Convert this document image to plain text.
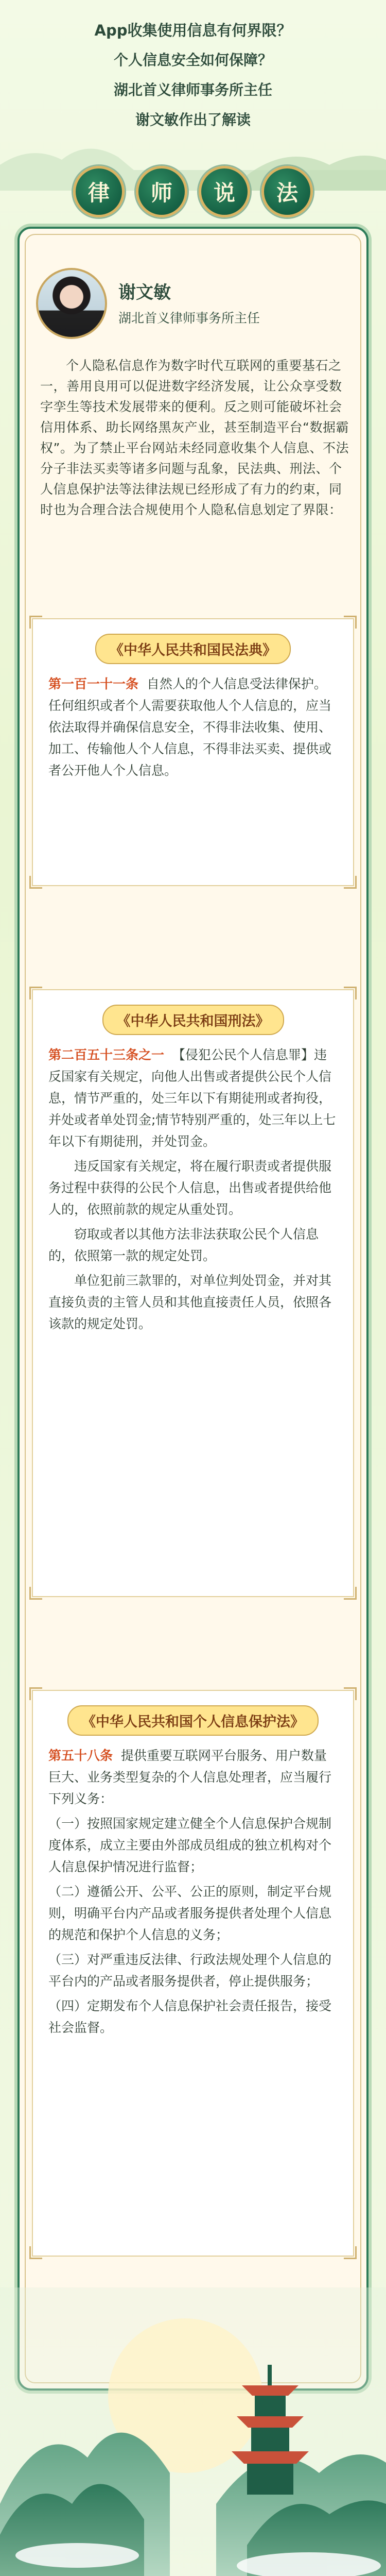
App收集使用信息有何界限？
个人信息安全如何保障？
湖北首义律师事务所主任
谢文敏作出了解读
律	师	说	法
谢文敏
湖北首义律师事务所主任
个人隐私信息作为数字时代互联网的重要基石之一，善用良用可以促进数字经济发展，让公众享受数字孪生等技术发展带来的便利。反之则可能破坏社会信用体系、助长网络黑灰产业，甚至制造平台“数据霸权”。为了禁止平台网站未经同意收集个人信息、不法分子非法买卖等诸多问题与乱象，民法典、刑法、个人信息保护法等法律法规已经形成了有力的约束，同时也为合理合法合规使用个人隐私信息划定了界限：
《中华人民共和国民法典》

第一百一十一条 自然人的个人信息受法律保护。任何组织或者个人需要获取他人个人信息的，应当依法取得并确保信息安全，不得非法收集、使用、加工、传输他人个人信息，不得非法买卖、提供或者公开他人个人信息。

《中华人民共和国刑法》

第二百五十三条之一 【侵犯公民个人信息罪】违反国家有关规定，向他人出售或者提供公民个人信息，情节严重的，处三年以下有期徒刑或者拘役，并处或者单处罚金;情节特别严重的，处三年以上七年以下有期徒刑，并处罚金。

违反国家有关规定，将在履行职责或者提供服务过程中获得的公民个人信息，出售或者提供给他人的，依照前款的规定从重处罚。

窃取或者以其他方法非法获取公民个人信息的，依照第一款的规定处罚。

单位犯前三款罪的，对单位判处罚金，并对其直接负责的主管人员和其他直接责任人员，依照各该款的规定处罚。

《中华人民共和国个人信息保护法》

第五十八条 提供重要互联网平台服务、用户数量巨大、业务类型复杂的个人信息处理者，应当履行下列义务：

（一）按照国家规定建立健全个人信息保护合规制度体系，成立主要由外部成员组成的独立机构对个人信息保护情况进行监督；

（二）遵循公开、公平、公正的原则，制定平台规则，明确平台内产品或者服务提供者处理个人信息的规范和保护个人信息的义务；

（三）对严重违反法律、行政法规处理个人信息的平台内的产品或者服务提供者，停止提供服务；

（四）定期发布个人信息保护社会责任报告，接受社会监督。
